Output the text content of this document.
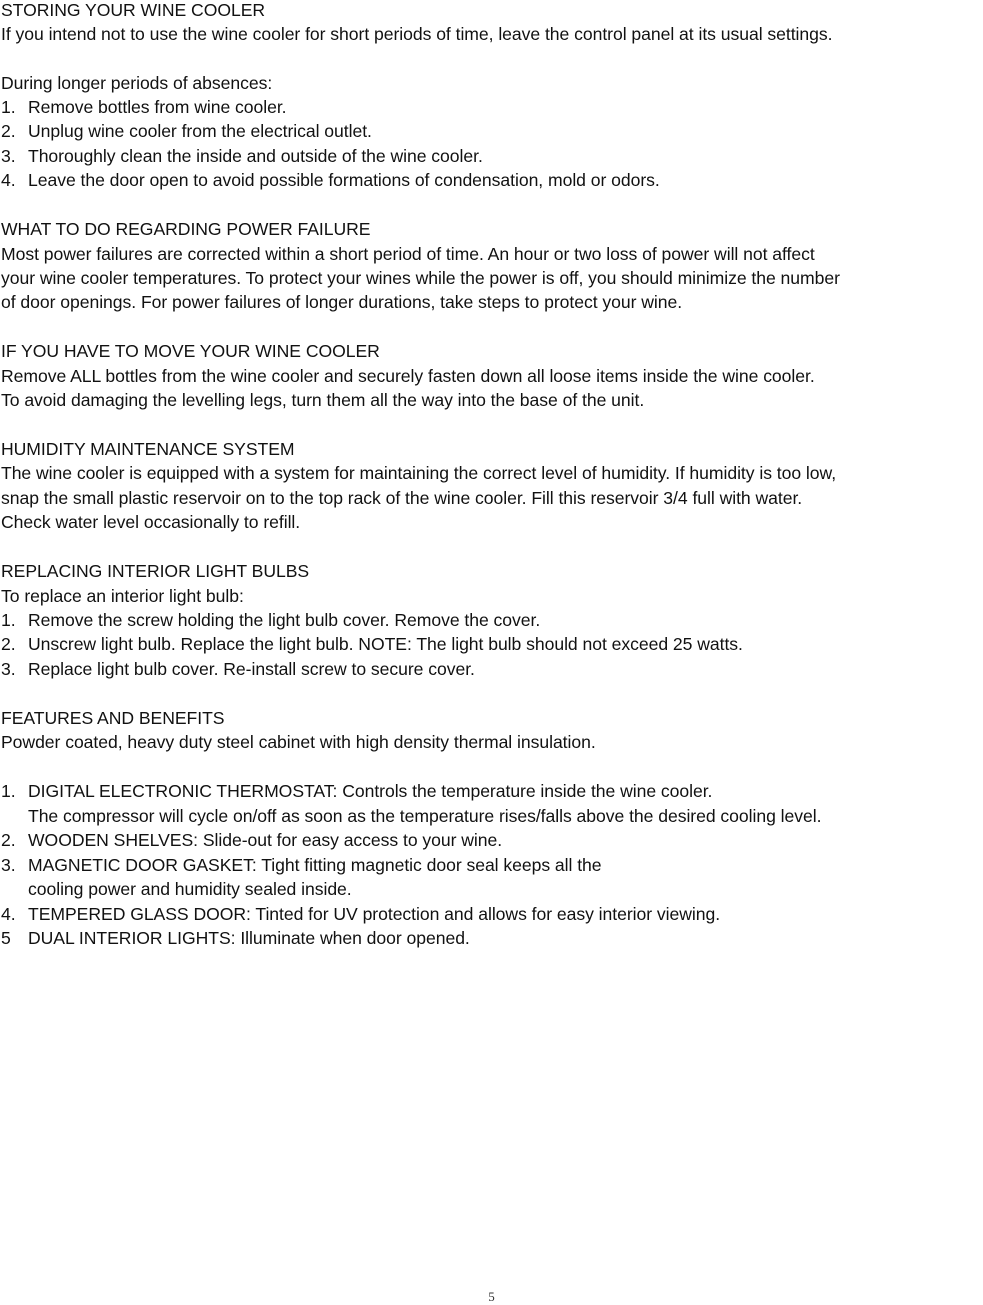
STORING YOUR WINE COOLER
If you intend not to use the wine cooler for short periods of time, leave the control panel at its usual settings.
During longer periods of absences:
1. Remove bottles from wine cooler.
2. Unplug wine cooler from the electrical outlet.
3. Thoroughly clean the inside and outside of the wine cooler.
4. Leave the door open to avoid possible formations of condensation, mold or odors.
WHAT TO DO REGARDING POWER FAILURE
Most power failures are corrected within a short period of time. An hour or two loss of power will not affect
your wine cooler temperatures. To protect your wines while the power is off, you should minimize the number
of door openings. For power failures of longer durations, take steps to protect your wine.
IF YOU HAVE TO MOVE YOUR WINE COOLER
Remove ALL bottles from the wine cooler and securely fasten down all loose items inside the wine cooler.
To avoid damaging the levelling legs, turn them all the way into the base of the unit.
HUMIDITY MAINTENANCE SYSTEM
The wine cooler is equipped with a system for maintaining the correct level of humidity. If humidity is too low,
snap the small plastic reservoir on to the top rack of the wine cooler. Fill this reservoir 3/4 full with water.
Check water level occasionally to refill.
REPLACING INTERIOR LIGHT BULBS
To replace an interior light bulb:
1. Remove the screw holding the light bulb cover. Remove the cover.
2. Unscrew light bulb. Replace the light bulb. NOTE: The light bulb should not exceed 25 watts.
3. Replace light bulb cover. Re-install screw to secure cover.
FEATURES AND BENEFITS
Powder coated, heavy duty steel cabinet with high density thermal insulation.
1. DIGITAL ELECTRONIC THERMOSTAT: Controls the temperature inside the wine cooler.
The compressor will cycle on/off as soon as the temperature rises/falls above the desired cooling level.
2. WOODEN SHELVES: Slide-out for easy access to your wine.
3. MAGNETIC DOOR GASKET: Tight fitting magnetic door seal keeps all the
cooling power and humidity sealed inside.
4. TEMPERED GLASS DOOR: Tinted for UV protection and allows for easy interior viewing.
5 DUAL INTERIOR LIGHTS: Illuminate when door opened.
5
